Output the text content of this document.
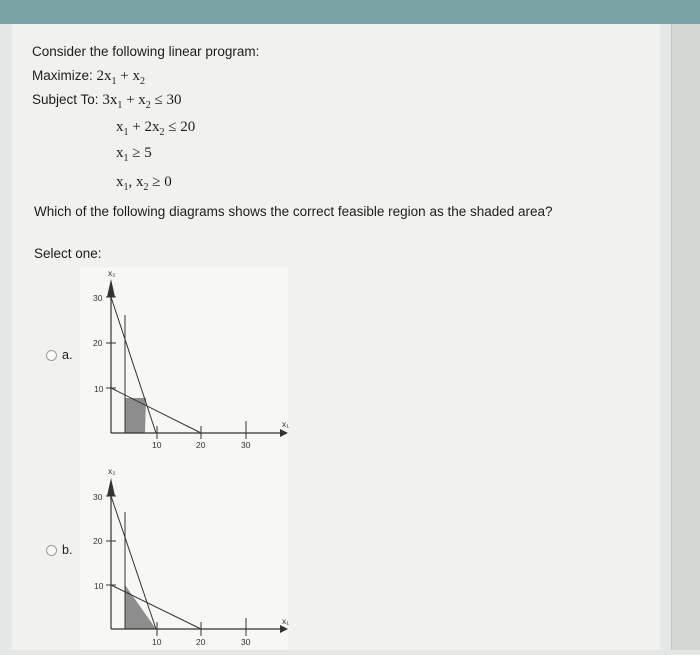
Consider the following linear program:
Maximize: $2x_1 + x_2$
Subject To: $3x_1 + x_2 \le 30$
$x_1 + 2x_2 \le 20$
$x_1 \ge 5$
$x_1$, $x_2 \ge 0$
Which of the following diagrams shows the correct feasible region as the shaded area?
Select one:
a.
x₂
x₁
30
20
10
10	20	30
b.
x₂
x₁
30
20
10
10	20	30
